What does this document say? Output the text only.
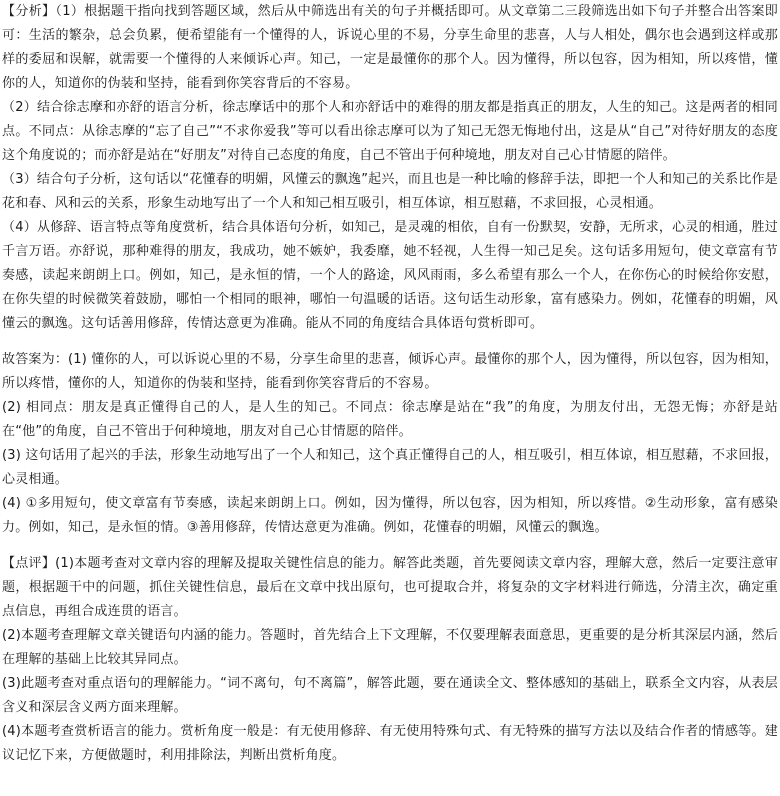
【分析】（1）根据题干指向找到答题区域，然后从中筛选出有关的句子并概括即可。从文章第二三段筛选出如下句子并整合出答案即可：生活的繁杂，总会负累，便希望能有一个懂得的人，诉说心里的不易，分享生命里的悲喜，人与人相处，偶尔也会遇到这样或那样的委屈和误解，就需要一个懂得的人来倾诉心声。知己，一定是最懂你的那个人。因为懂得，所以包容，因为相知，所以疼惜，懂你的人，知道你的伪装和坚持，能看到你笑容背后的不容易。

（2）结合徐志摩和亦舒的语言分析，徐志摩话中的那个人和亦舒话中的难得的朋友都是指真正的朋友，人生的知己。这是两者的相同点。不同点：从徐志摩的“忘了自己”“不求你爱我”等可以看出徐志摩可以为了知己无怨无悔地付出，这是从“自己”对待好朋友的态度这个角度说的；而亦舒是站在“好朋友”对待自己态度的角度，自己不管出于何种境地，朋友对自己心甘情愿的陪伴。

（3）结合句子分析，这句话以“花懂春的明媚，风懂云的飘逸”起兴，而且也是一种比喻的修辞手法，即把一个人和知己的关系比作是花和春、风和云的关系，形象生动地写出了一个人和知己相互吸引，相互体谅，相互慰藉，不求回报，心灵相通。

（4）从修辞、语言特点等角度赏析，结合具体语句分析，如知己，是灵魂的相依，自有一份默契，安静，无所求，心灵的相通，胜过千言万语。亦舒说，那种难得的朋友，我成功，她不嫉妒，我委靡，她不轻视，人生得一知己足矣。这句话多用短句，使文章富有节奏感，读起来朗朗上口。例如，知己，是永恒的情，一个人的路途，风风雨雨，多么希望有那么一个人，在你伤心的时候给你安慰，在你失望的时候微笑着鼓励，哪怕一个相同的眼神，哪怕一句温暖的话语。这句话生动形象，富有感染力。例如，花懂春的明媚，风懂云的飘逸。这句话善用修辞，传情达意更为准确。能从不同的角度结合具体语句赏析即可。

故答案为：(1) 懂你的人，可以诉说心里的不易，分享生命里的悲喜，倾诉心声。最懂你的那个人，因为懂得，所以包容，因为相知，所以疼惜，懂你的人，知道你的伪装和坚持，能看到你笑容背后的不容易。

(2) 相同点：朋友是真正懂得自己的人，是人生的知己。不同点：徐志摩是站在“我”的角度，为朋友付出，无怨无悔；亦舒是站在“他”的角度，自己不管出于何种境地，朋友对自己心甘情愿的陪伴。

(3) 这句话用了起兴的手法，形象生动地写出了一个人和知己，这个真正懂得自己的人，相互吸引，相互体谅，相互慰藉，不求回报，心灵相通。

(4) ①多用短句，使文章富有节奏感，读起来朗朗上口。例如，因为懂得，所以包容，因为相知，所以疼惜。②生动形象，富有感染力。例如，知己，是永恒的情。③善用修辞，传情达意更为准确。例如，花懂春的明媚，风懂云的飘逸。

【点评】(1)本题考查对文章内容的理解及提取关键性信息的能力。解答此类题，首先要阅读文章内容，理解大意，然后一定要注意审题，根据题干中的问题，抓住关键性信息，最后在文章中找出原句，也可提取合并，将复杂的文字材料进行筛选，分清主次，确定重点信息，再组合成连贯的语言。

(2)本题考查理解文章关键语句内涵的能力。答题时，首先结合上下文理解，不仅要理解表面意思，更重要的是分析其深层内涵，然后在理解的基础上比较其异同点。

(3)此题考查对重点语句的理解能力。“词不离句，句不离篇”，解答此题，要在通读全文、整体感知的基础上，联系全文内容，从表层含义和深层含义两方面来理解。

(4)本题考查赏析语言的能力。赏析角度一般是：有无使用修辞、有无使用特殊句式、有无特殊的描写方法以及结合作者的情感等。建议记忆下来，方便做题时，利用排除法，判断出赏析角度。
